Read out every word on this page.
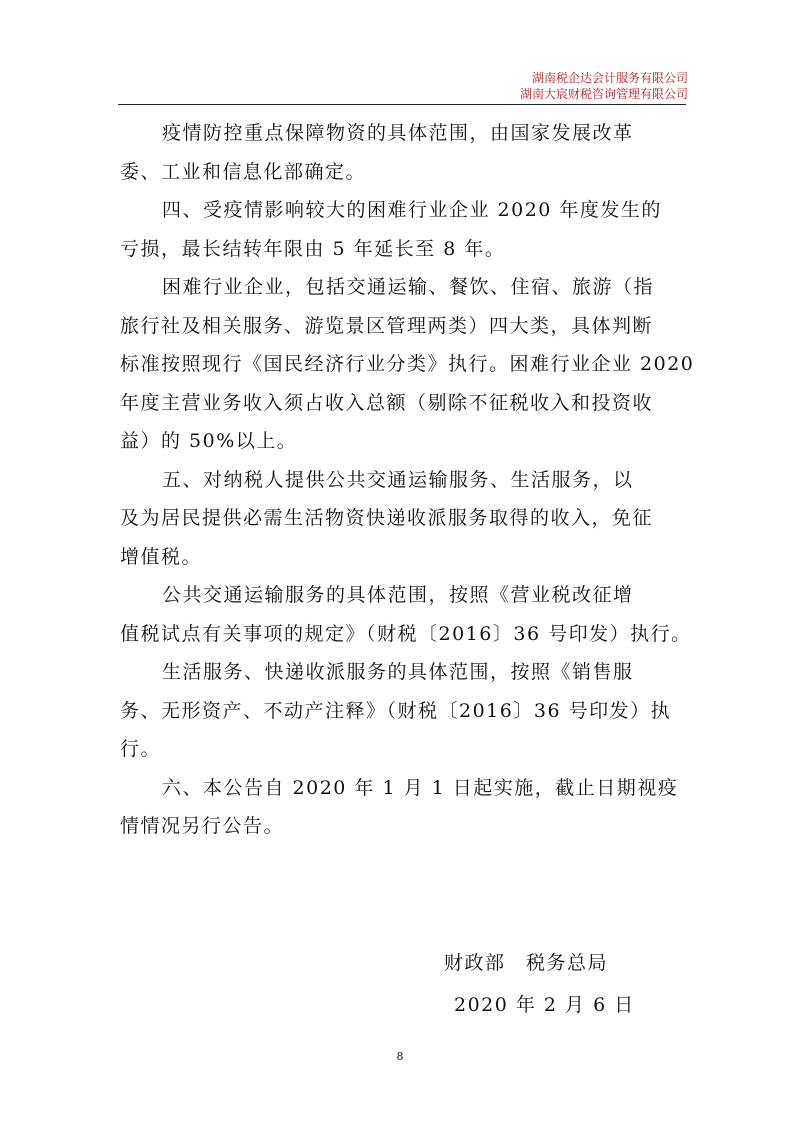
湖南税企达会计服务有限公司
湖南大宸财税咨询管理有限公司

疫情防控重点保障物资的具体范围，由国家发展改革
委、工业和信息化部确定。

四、受疫情影响较大的困难行业企业 2020 年度发生的
亏损，最长结转年限由 5 年延长至 8 年。

困难行业企业，包括交通运输、餐饮、住宿、旅游（指
旅行社及相关服务、游览景区管理两类）四大类，具体判断
标准按照现行《国民经济行业分类》执行。困难行业企业 2020
年度主营业务收入须占收入总额（剔除不征税收入和投资收
益）的 50%以上。

五、对纳税人提供公共交通运输服务、生活服务，以
及为居民提供必需生活物资快递收派服务取得的收入，免征
增值税。

公共交通运输服务的具体范围，按照《营业税改征增
值税试点有关事项的规定》（财税〔2016〕36 号印发）执行。

生活服务、快递收派服务的具体范围，按照《销售服
务、无形资产、不动产注释》（财税〔2016〕36 号印发）执
行。

六、本公告自 2020 年 1 月 1 日起实施，截止日期视疫
情情况另行公告。

财政部　税务总局
2020 年 2 月 6 日
8
